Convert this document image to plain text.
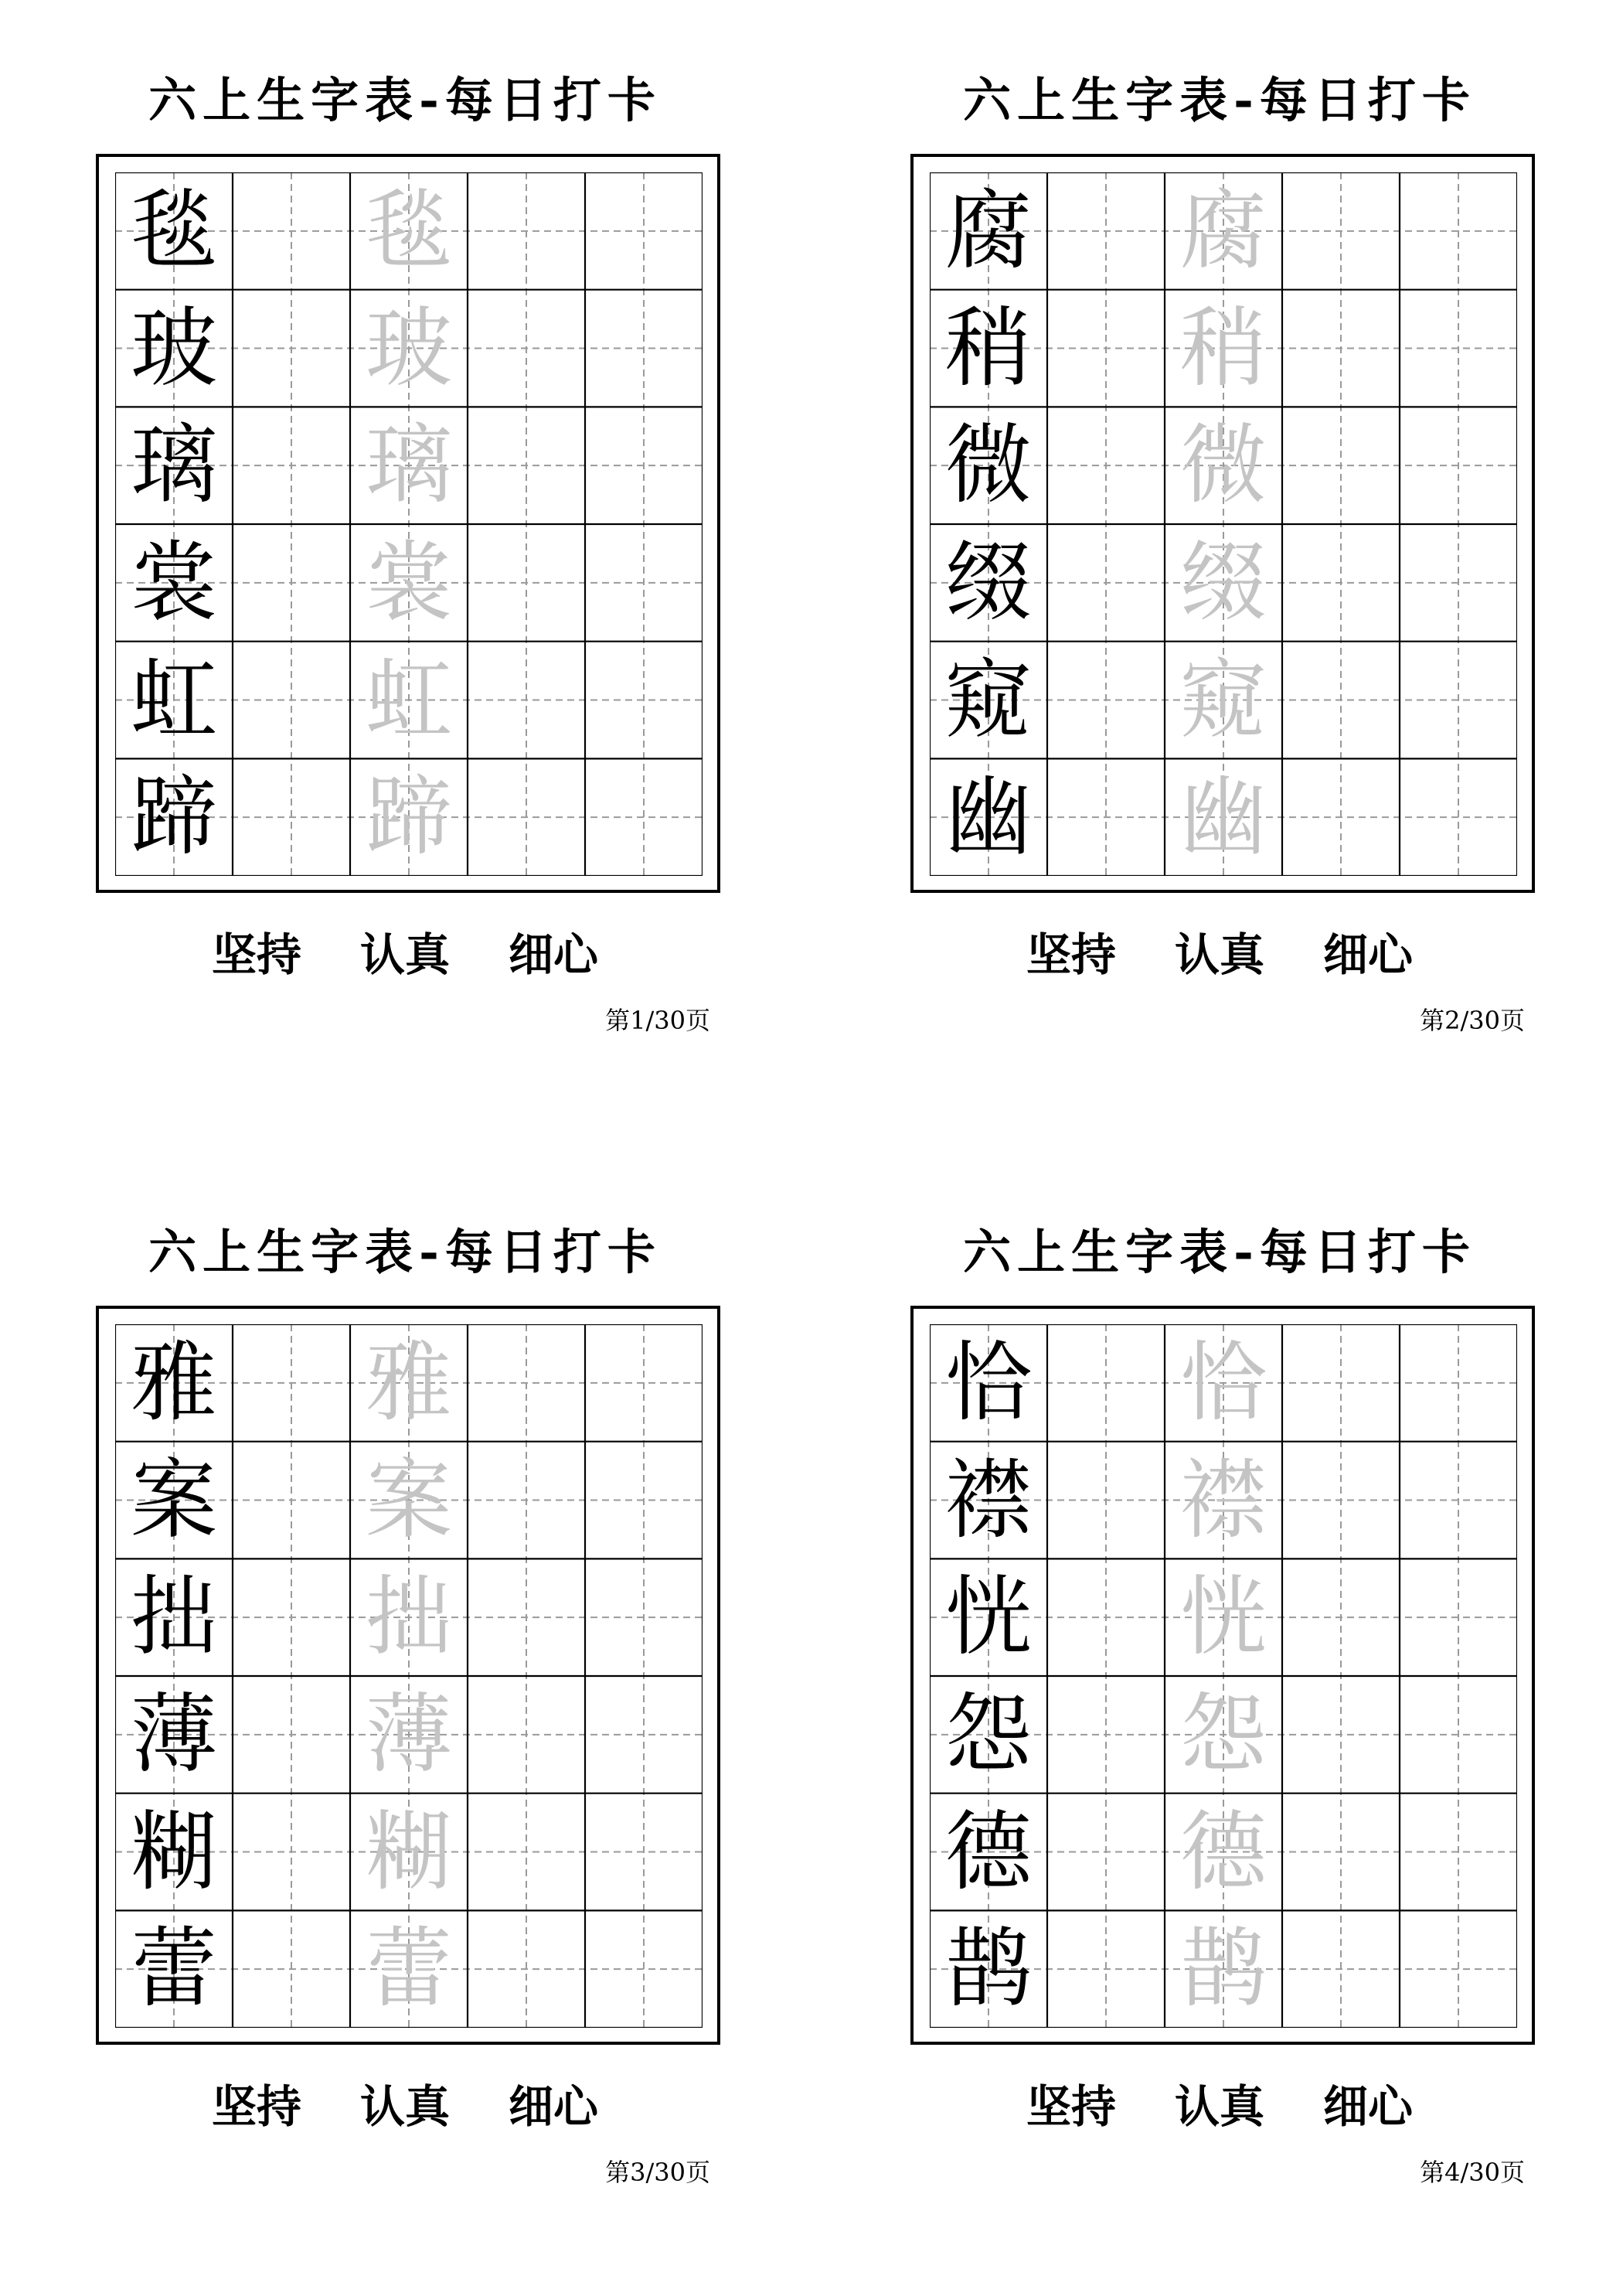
六上生字表-每日打卡
毯 毯
玻 玻
璃 璃
裳 裳
虹 虹
蹄 蹄
坚持 认真 细心
第1/30页
六上生字表-每日打卡
腐 腐
稍 稍
微 微
缀 缀
窥 窥
幽 幽
坚持 认真 细心
第2/30页
六上生字表-每日打卡
雅 雅
案 案
拙 拙
薄 薄
糊 糊
蕾 蕾
坚持 认真 细心
第3/30页
六上生字表-每日打卡
恰 恰
襟 襟
恍 恍
怨 怨
德 德
鹊 鹊
坚持 认真 细心
第4/30页
